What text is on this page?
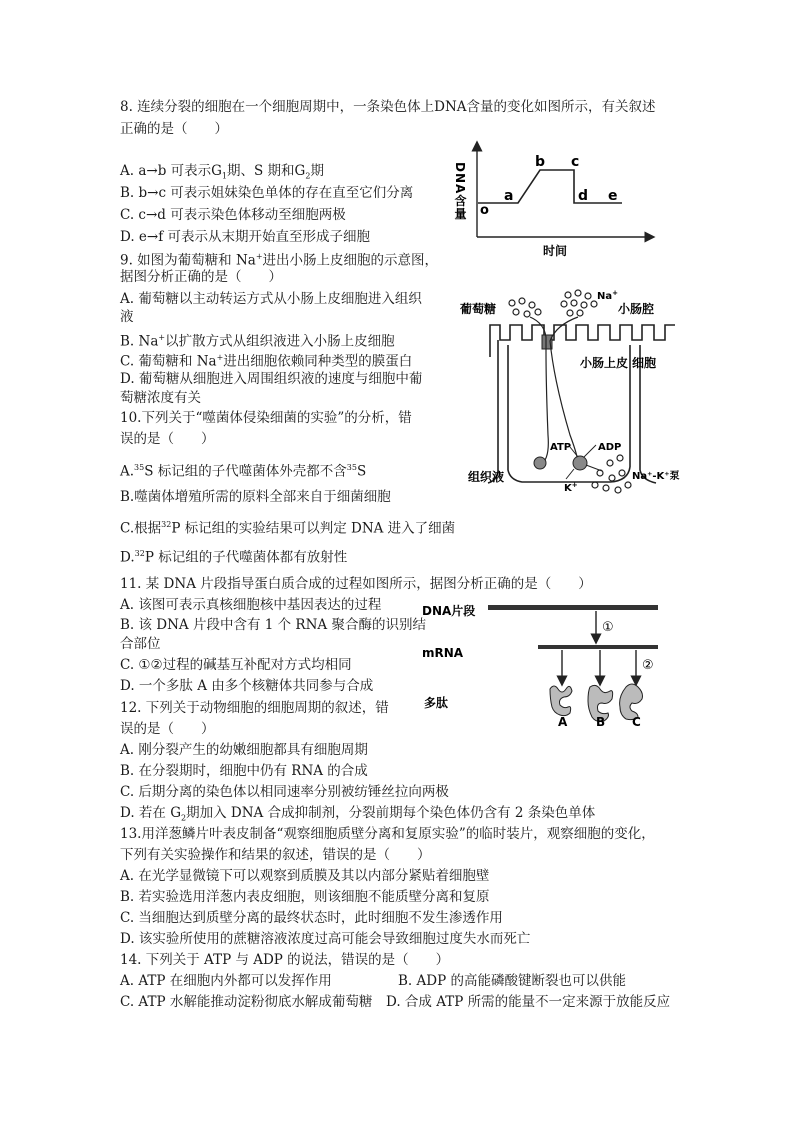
8. 连续分裂的细胞在一个细胞周期中，一条染色体上DNA含量的变化如图所示，有关叙述
正确的是（　　）
A. a→b 可表示$G_1$期、S 期和$G_2$期
B. b→c 可表示姐妹染色单体的存在直至它们分离
C. c→d 可表示染色体移动至细胞两极
D. e→f 可表示从末期开始直至形成子细胞
DNA含量
时间
o
a
b c
d e
9. 如图为葡萄糖和 Na+进出小肠上皮细胞的示意图，
据图分析正确的是（　　）
A. 葡萄糖以主动转运方式从小肠上皮细胞进入组织
液
B. Na+以扩散方式从组织液进入小肠上皮细胞
C. 葡萄糖和 Na+进出细胞依赖同种类型的膜蛋白
D. 葡萄糖从细胞进入周围组织液的速度与细胞中葡
萄糖浓度有关
葡萄糖
Na+
小肠腔
小肠上皮 细胞
ATP	ADP
组织液
K+
Na⁺-K⁺泵
10.下列关于“噬菌体侵染细菌的实验”的分析，错
误的是（　　）
A.$^{35}$S 标记组的子代噬菌体外壳都不含$^{35}$S
B.噬菌体增殖所需的原料全部来自于细菌细胞
C.根据$^{32}$P 标记组的实验结果可以判定 DNA 进入了细菌
D.$^{32}$P 标记组的子代噬菌体都有放射性
11. 某 DNA 片段指导蛋白质合成的过程如图所示，据图分析正确的是（　　）
A. 该图可表示真核细胞核中基因表达的过程
B. 该 DNA 片段中含有 1 个 RNA 聚合酶的识别结
合部位
C. ①②过程的碱基互补配对方式均相同
D. 一个多肽 A 由多个核糖体共同参与合成
DNA片段
①
mRNA
②
多肽
A B C
12. 下列关于动物细胞的细胞周期的叙述，错
误的是（　　）
A. 刚分裂产生的幼嫩细胞都具有细胞周期
B. 在分裂期时，细胞中仍有 RNA 的合成
C. 后期分离的染色体以相同速率分别被纺锤丝拉向两极
D. 若在 $G_2$期加入 DNA 合成抑制剂，分裂前期每个染色体仍含有 2 条染色单体
13.用洋葱鳞片叶表皮制备“观察细胞质壁分离和复原实验”的临时装片，观察细胞的变化，
下列有关实验操作和结果的叙述，错误的是（　　）
A. 在光学显微镜下可以观察到质膜及其以内部分紧贴着细胞壁
B. 若实验选用洋葱内表皮细胞，则该细胞不能质壁分离和复原
C. 当细胞达到质壁分离的最终状态时，此时细胞不发生渗透作用
D. 该实验所使用的蔗糖溶液浓度过高可能会导致细胞过度失水而死亡
14. 下列关于 ATP 与 ADP 的说法，错误的是（　　）
A. ATP 在细胞内外都可以发挥作用	B. ADP 的高能磷酸键断裂也可以供能
C. ATP 水解能推动淀粉彻底水解成葡萄糖 D. 合成 ATP 所需的能量不一定来源于放能反应
